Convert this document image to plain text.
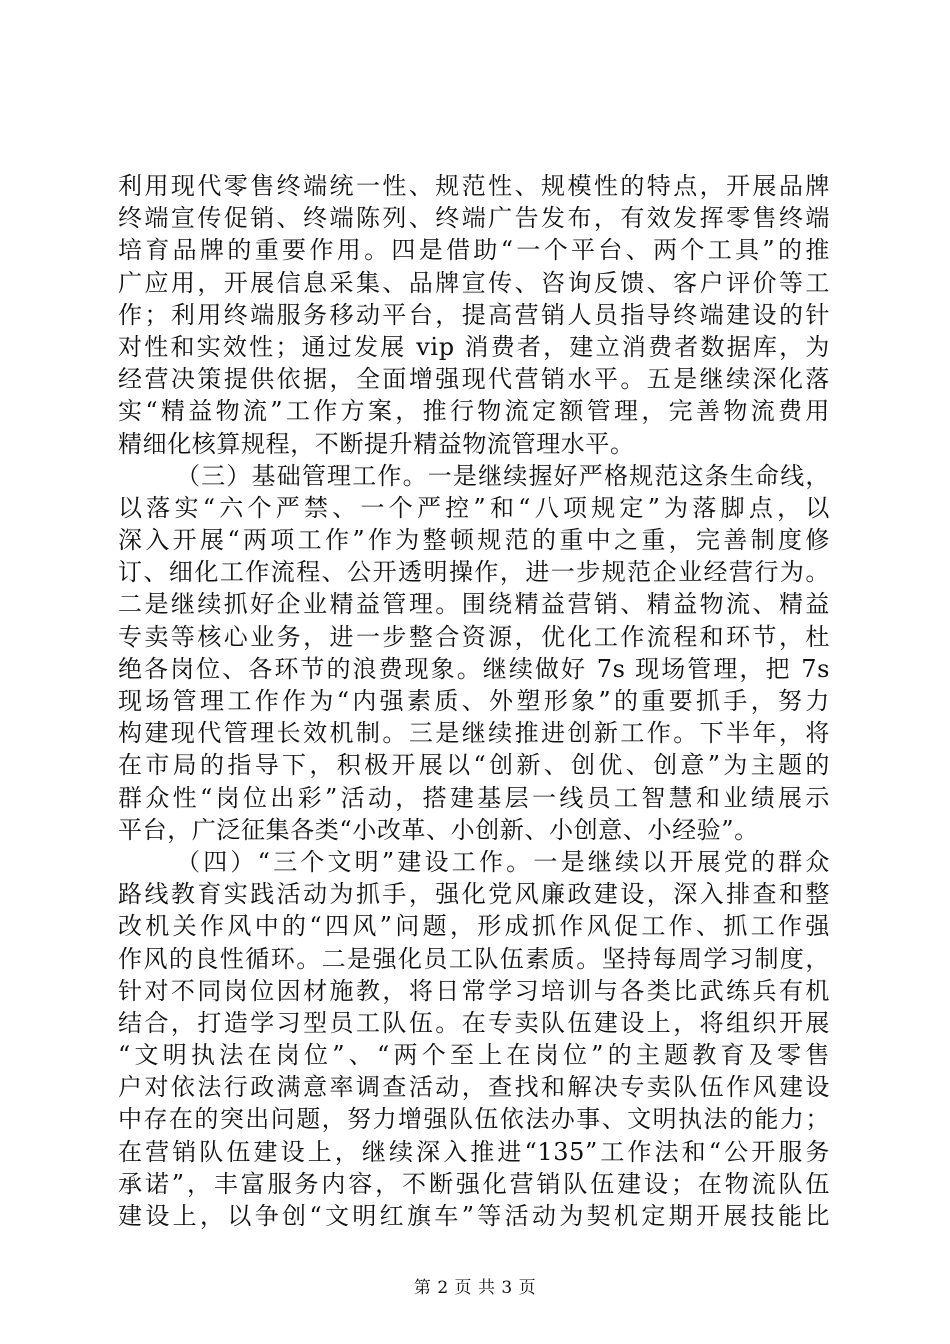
利用现代零售终端统一性、规范性、规模性的特点，开展品牌
终端宣传促销、终端陈列、终端广告发布，有效发挥零售终端
培育品牌的重要作用。四是借助“一个平台、两个工具”的推
广应用，开展信息采集、品牌宣传、咨询反馈、客户评价等工
作；利用终端服务移动平台，提高营销人员指导终端建设的针
对性和实效性；通过发展 vip 消费者，建立消费者数据库，为
经营决策提供依据，全面增强现代营销水平。五是继续深化落
实“精益物流”工作方案，推行物流定额管理，完善物流费用
精细化核算规程，不断提升精益物流管理水平。
（三）基础管理工作。一是继续握好严格规范这条生命线，
以落实“六个严禁、一个严控”和“八项规定”为落脚点，以
深入开展“两项工作”作为整顿规范的重中之重，完善制度修
订、细化工作流程、公开透明操作，进一步规范企业经营行为。
二是继续抓好企业精益管理。围绕精益营销、精益物流、精益
专卖等核心业务，进一步整合资源，优化工作流程和环节，杜
绝各岗位、各环节的浪费现象。继续做好 7s 现场管理，把 7s
现场管理工作作为“内强素质、外塑形象”的重要抓手，努力
构建现代管理长效机制。三是继续推进创新工作。下半年，将
在市局的指导下，积极开展以“创新、创优、创意”为主题的
群众性“岗位出彩”活动，搭建基层一线员工智慧和业绩展示
平台，广泛征集各类“小改革、小创新、小创意、小经验”。
（四）“三个文明”建设工作。一是继续以开展党的群众
路线教育实践活动为抓手，强化党风廉政建设，深入排查和整
改机关作风中的“四风”问题，形成抓作风促工作、抓工作强
作风的良性循环。二是强化员工队伍素质。坚持每周学习制度，
针对不同岗位因材施教，将日常学习培训与各类比武练兵有机
结合，打造学习型员工队伍。在专卖队伍建设上，将组织开展
“文明执法在岗位”、“两个至上在岗位”的主题教育及零售
户对依法行政满意率调查活动，查找和解决专卖队伍作风建设
中存在的突出问题，努力增强队伍依法办事、文明执法的能力；
在营销队伍建设上，继续深入推进“135”工作法和“公开服务
承诺”，丰富服务内容，不断强化营销队伍建设；在物流队伍
建设上，以争创“文明红旗车”等活动为契机定期开展技能比
第 2 页 共 3 页
